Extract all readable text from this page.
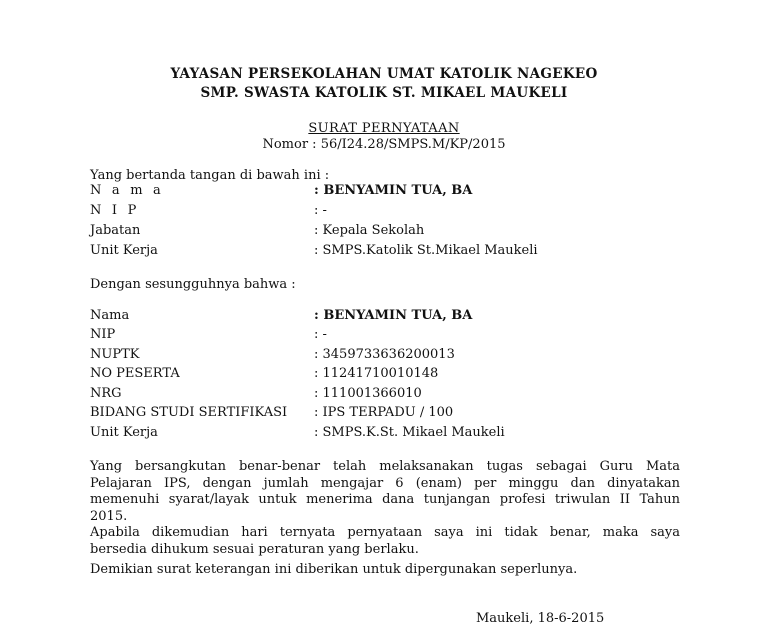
YAYASAN PERSEKOLAHAN UMAT KATOLIK NAGEKEO
SMP. SWASTA KATOLIK ST. MIKAEL MAUKELI
SURAT PERNYATAAN
Nomor : 56/I24.28/SMPS.M/KP/2015
Yang bertanda tangan di bawah ini :
N a m a	: BENYAMIN TUA, BA
N I P	: -
Jabatan	: Kepala Sekolah
Unit Kerja	: SMPS.Katolik St.Mikael Maukeli
Dengan sesungguhnya bahwa :
Nama	: BENYAMIN TUA, BA
NIP	: -
NUPTK	: 3459733636200013
NO PESERTA	: 11241710010148
NRG	: 111001366010
BIDANG STUDI SERTIFIKASI : IPS TERPADU / 100
Unit Kerja	: SMPS.K.St. Mikael Maukeli
Yang bersangkutan benar-benar telah melaksanakan tugas sebagai Guru Mata
Pelajaran IPS, dengan jumlah mengajar 6 (enam) per minggu dan dinyatakan
memenuhi syarat/layak untuk menerima dana tunjangan profesi triwulan II Tahun
2015.
Apabila dikemudian hari ternyata pernyataan saya ini tidak benar, maka saya
bersedia dihukum sesuai peraturan yang berlaku.
Demikian surat keterangan ini diberikan untuk dipergunakan seperlunya.
Maukeli, 18-6-2015
